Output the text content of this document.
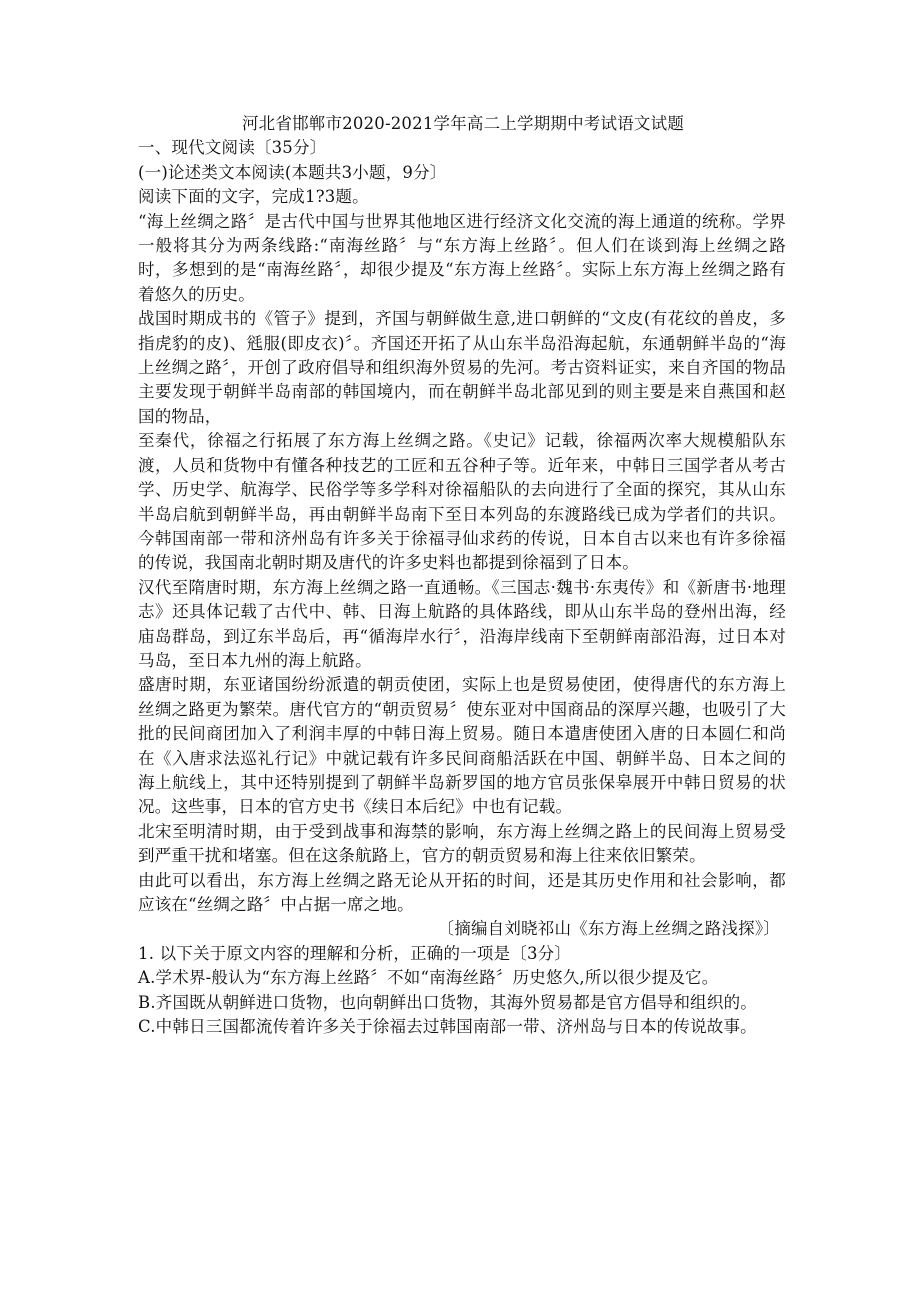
河北省邯郸市2020-2021学年高二上学期期中考试语文试题

一、现代文阅读〔35分〕

(一)论述类文本阅读(本题共3小题，9分〕

阅读下面的文字，完成1?3题。

“海上丝绸之路〞是古代中国与世界其他地区进行经济文化交流的海上通道的统称。学界一般将其分为两条线路:“南海丝路〞与“东方海上丝路〞。但人们在谈到海上丝绸之路时，多想到的是“南海丝路〞，却很少提及“东方海上丝路〞。实际上东方海上丝绸之路有着悠久的历史。

战国时期成书的《管子》提到，齐国与朝鲜做生意,进口朝鲜的“文皮(有花纹的兽皮，多指虎豹的皮)、毤服(即皮衣)〞。齐国还开拓了从山东半岛沿海起航，东通朝鲜半岛的“海上丝绸之路〞，开创了政府倡导和组织海外贸易的先河。考古资料证实，来自齐国的物品主要发现于朝鲜半岛南部的韩国境内，而在朝鲜半岛北部见到的则主要是来自燕国和赵国的物品，

至秦代，徐福之行拓展了东方海上丝绸之路。《史记》记载，徐福两次率大规模船队东渡，人员和货物中有懂各种技艺的工匠和五谷种子等。近年来，中韩日三国学者从考古学、历史学、航海学、民俗学等多学科对徐福船队的去向进行了全面的探究，其从山东半岛启航到朝鲜半岛，再由朝鲜半岛南下至日本列岛的东渡路线已成为学者们的共识。今韩国南部一带和济州岛有许多关于徐福寻仙求药的传说，日本自古以来也有许多徐福的传说，我国南北朝时期及唐代的许多史料也都提到徐福到了日本。

汉代至隋唐时期，东方海上丝绸之路一直通畅。《三国志·魏书·东夷传》和《新唐书·地理志》还具体记载了古代中、韩、日海上航路的具体路线，即从山东半岛的登州出海，经庙岛群岛，到辽东半岛后，再“循海岸水行〞，沿海岸线南下至朝鲜南部沿海，过日本对马岛，至日本九州的海上航路。

盛唐时期，东亚诸国纷纷派遣的朝贡使团，实际上也是贸易使团，使得唐代的东方海上丝绸之路更为繁荣。唐代官方的“朝贡贸易〞使东亚对中国商品的深厚兴趣，也吸引了大批的民间商团加入了利润丰厚的中韩日海上贸易。随日本遣唐使团入唐的日本圆仁和尚在《入唐求法巡礼行记》中就记载有许多民间商船活跃在中国、朝鲜半岛、日本之间的海上航线上，其中还特别提到了朝鲜半岛新罗国的地方官员张保皋展开中韩日贸易的状况。这些事，日本的官方史书《续日本后纪》中也有记载。

北宋至明清时期，由于受到战事和海禁的影响，东方海上丝绸之路上的民间海上贸易受到严重干扰和堵塞。但在这条航路上，官方的朝贡贸易和海上往来依旧繁荣。

由此可以看出，东方海上丝绸之路无论从开拓的时间，还是其历史作用和社会影响，都应该在“丝绸之路〞中占据一席之地。

〔摘编自刘晓祁山《东方海上丝绸之路浅探》〕

1. 以下关于原文内容的理解和分析，正确的一项是〔3分〕

A.学术界-般认为“东方海上丝路〞不如“南海丝路〞历史悠久,所以很少提及它。

B.齐国既从朝鲜进口货物，也向朝鲜出口货物，其海外贸易都是官方倡导和组织的。

C.中韩日三国都流传着许多关于徐福去过韩国南部一带、济州岛与日本的传说故事。
